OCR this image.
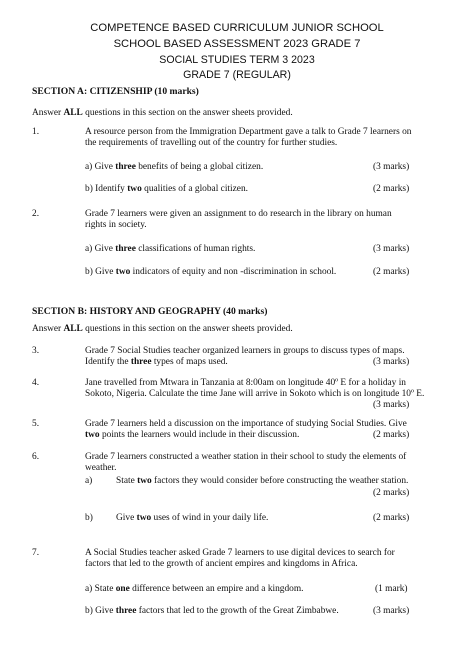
COMPETENCE BASED CURRICULUM JUNIOR SCHOOL
SCHOOL BASED ASSESSMENT 2023 GRADE 7
SOCIAL STUDIES TERM 3 2023
GRADE 7 (REGULAR)
SECTION A: CITIZENSHIP (10 marks)
Answer ALL questions in this section on the answer sheets provided.
1.	A resource person from the Immigration Department gave a talk to Grade 7 learners on
the requirements of travelling out of the country for further studies.
a) Give three benefits of being a global citizen.	(3 marks)
b) Identify two qualities of a global citizen.	(2 marks)
2.	Grade 7 learners were given an assignment to do research in the library on human
rights in society.
a) Give three classifications of human rights.	(3 marks)
b) Give two indicators of equity and non -discrimination in school.	(2 marks)
SECTION B: HISTORY AND GEOGRAPHY (40 marks)
Answer ALL questions in this section on the answer sheets provided.
3.	Grade 7 Social Studies teacher organized learners in groups to discuss types of maps.
Identify the three types of maps used.	(3 marks)
4.	Jane travelled from Mtwara in Tanzania at 8:00am on longitude 40º E for a holiday in
Sokoto, Nigeria. Calculate the time Jane will arrive in Sokoto which is on longitude 10º E.
(3 marks)
5.	Grade 7 learners held a discussion on the importance of studying Social Studies. Give
two points the learners would include in their discussion.	(2 marks)
6.	Grade 7 learners constructed a weather station in their school to study the elements of
weather.
a)	State two factors they would consider before constructing the weather station.
(2 marks)
b) Give two uses of wind in your daily life.	(2 marks)
7.	A Social Studies teacher asked Grade 7 learners to use digital devices to search for
factors that led to the growth of ancient empires and kingdoms in Africa.
a) State one difference between an empire and a kingdom.	(1 mark)
b) Give three factors that led to the growth of the Great Zimbabwe.	(3 marks)
